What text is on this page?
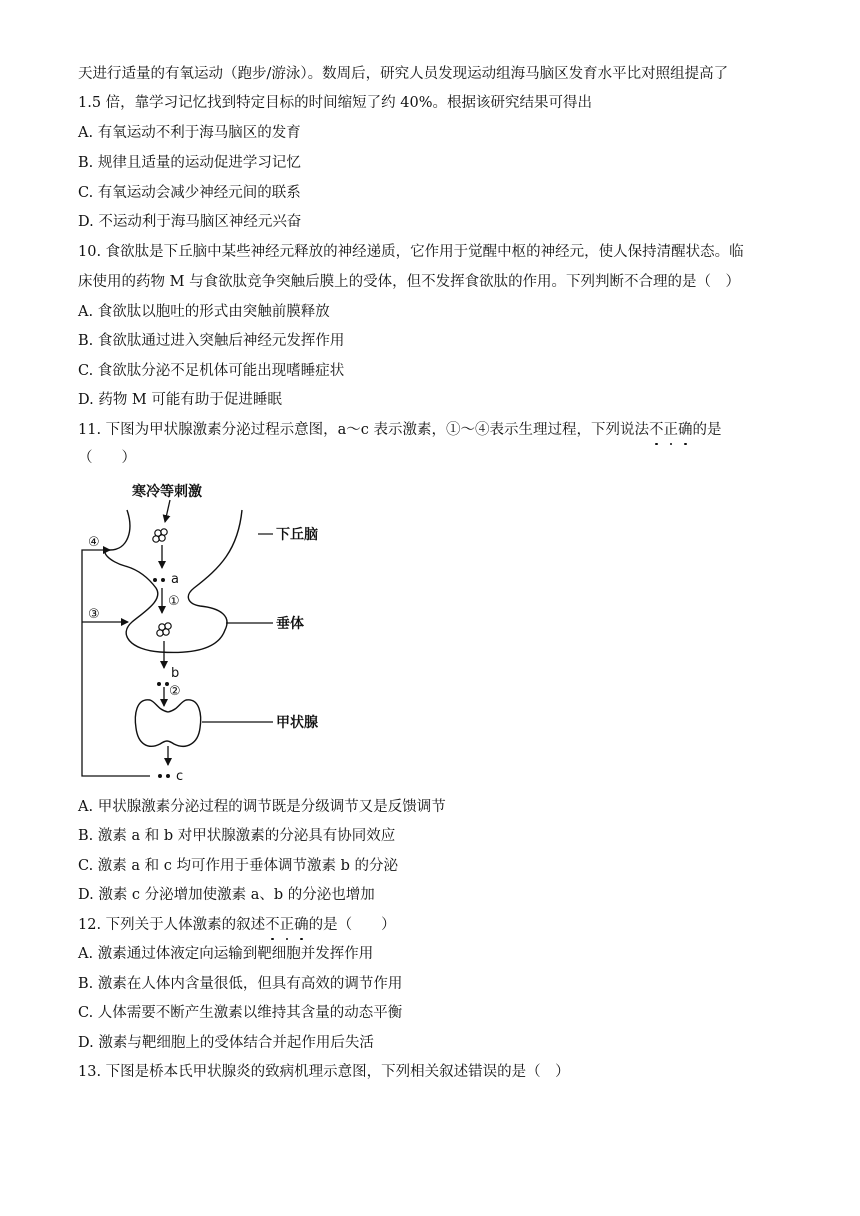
天进行适量的有氧运动（跑步/游泳）。数周后，研究人员发现运动组海马脑区发育水平比对照组提高了
1.5 倍，靠学习记忆找到特定目标的时间缩短了约 40%。根据该研究结果可得出
A. 有氧运动不利于海马脑区的发育
B. 规律且适量的运动促进学习记忆
C. 有氧运动会减少神经元间的联系
D. 不运动利于海马脑区神经元兴奋
10. 食欲肽是下丘脑中某些神经元释放的神经递质，它作用于觉醒中枢的神经元，使人保持清醒状态。临
床使用的药物 M 与食欲肽竞争突触后膜上的受体，但不发挥食欲肽的作用。下列判断不合理的是（　）
A. 食欲肽以胞吐的形式由突触前膜释放
B. 食欲肽通过进入突触后神经元发挥作用
C. 食欲肽分泌不足机体可能出现嗜睡症状
D. 药物 M 可能有助于促进睡眠
11. 下图为甲状腺激素分泌过程示意图，a～c 表示激素，①～④表示生理过程，下列说法不正确的是
（　　）
寒冷等刺激
a
①
b
②
c
④
③
下丘脑
垂体
甲状腺
A. 甲状腺激素分泌过程的调节既是分级调节又是反馈调节
B. 激素 a 和 b 对甲状腺激素的分泌具有协同效应
C. 激素 a 和 c 均可作用于垂体调节激素 b 的分泌
D. 激素 c 分泌增加使激素 a、b 的分泌也增加
12. 下列关于人体激素的叙述不正确的是（　　）
A. 激素通过体液定向运输到靶细胞并发挥作用
B. 激素在人体内含量很低，但具有高效的调节作用
C. 人体需要不断产生激素以维持其含量的动态平衡
D. 激素与靶细胞上的受体结合并起作用后失活
13. 下图是桥本氏甲状腺炎的致病机理示意图，下列相关叙述错误的是（　）
